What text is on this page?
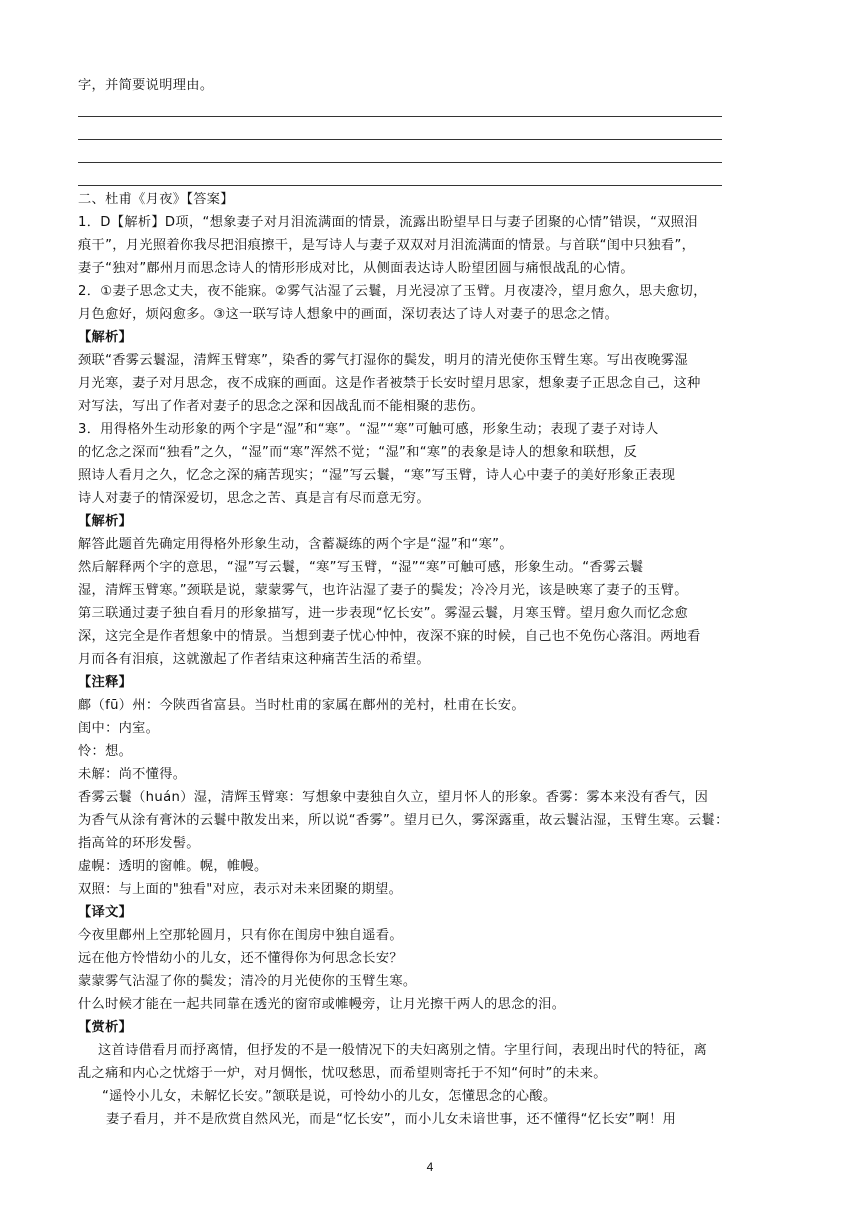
字，并简要说明理由。
二、杜甫《月夜》【答案】
1．D【解析】D项，“想象妻子对月泪流满面的情景，流露出盼望早日与妻子团聚的心情”错误，“双照泪
痕干”，月光照着你我尽把泪痕擦干，是写诗人与妻子双双对月泪流满面的情景。与首联“闺中只独看”，
妻子“独对”鄜州月而思念诗人的情形形成对比，从侧面表达诗人盼望团圆与痛恨战乱的心情。
2．①妻子思念丈夫，夜不能寐。②雾气沾湿了云鬟，月光浸凉了玉臂。月夜凄冷，望月愈久，思夫愈切，
月色愈好，烦闷愈多。③这一联写诗人想象中的画面，深切表达了诗人对妻子的思念之情。
【解析】
颈联“香雾云鬟湿，清辉玉臂寒”，染香的雾气打湿你的鬓发，明月的清光使你玉臂生寒。写出夜晚雾湿
月光寒，妻子对月思念，夜不成寐的画面。这是作者被禁于长安时望月思家，想象妻子正思念自己，这种
对写法，写出了作者对妻子的思念之深和因战乱而不能相聚的悲伤。
3．用得格外生动形象的两个字是“湿”和“寒”。“湿”“寒”可触可感，形象生动；表现了妻子对诗人
的忆念之深而“独看”之久，“湿”而“寒”浑然不觉；“湿”和“寒”的表象是诗人的想象和联想，反
照诗人看月之久，忆念之深的痛苦现实；“湿”写云鬟，“寒”写玉臂，诗人心中妻子的美好形象正表现
诗人对妻子的情深爱切，思念之苦、真是言有尽而意无穷。
【解析】
解答此题首先确定用得格外形象生动，含蓄凝练的两个字是“湿”和“寒”。
然后解释两个字的意思，“湿”写云鬟，“寒”写玉臂，“湿”“寒”可触可感，形象生动。“香雾云鬟
湿，清辉玉臂寒。”颈联是说，蒙蒙雾气，也许沾湿了妻子的鬓发；冷冷月光，该是映寒了妻子的玉臂。
第三联通过妻子独自看月的形象描写，进一步表现“忆长安”。雾湿云鬟，月寒玉臂。望月愈久而忆念愈
深，这完全是作者想象中的情景。当想到妻子忧心忡忡，夜深不寐的时候，自己也不免伤心落泪。两地看
月而各有泪痕，这就激起了作者结束这种痛苦生活的希望。
【注释】
鄜（fū）州：今陕西省富县。当时杜甫的家属在鄜州的羌村，杜甫在长安。
闺中：内室。
怜：想。
未解：尚不懂得。
香雾云鬟（huán）湿，清辉玉臂寒：写想象中妻独自久立，望月怀人的形象。香雾：雾本来没有香气，因
为香气从涂有膏沐的云鬟中散发出来，所以说“香雾”。望月已久，雾深露重，故云鬟沾湿，玉臂生寒。云鬟：
指高耸的环形发髻。
虚幌：透明的窗帷。幌，帷幔。
双照：与上面的"独看"对应，表示对未来团聚的期望。
【译文】
今夜里鄜州上空那轮圆月，只有你在闺房中独自遥看。
远在他方怜惜幼小的儿女，还不懂得你为何思念长安？
蒙蒙雾气沾湿了你的鬓发；清冷的月光使你的玉臂生寒。
什么时候才能在一起共同靠在透光的窗帘或帷幔旁，让月光擦干两人的思念的泪。
【赏析】
这首诗借看月而抒离情，但抒发的不是一般情况下的夫妇离别之情。字里行间，表现出时代的特征，离
乱之痛和内心之忧熔于一炉，对月惆怅，忧叹愁思，而希望则寄托于不知“何时”的未来。
“遥怜小儿女，未解忆长安。”颔联是说，可怜幼小的儿女，怎懂思念的心酸。
妻子看月，并不是欣赏自然风光，而是“忆长安”，而小儿女未谙世事，还不懂得“忆长安”啊！用
4
